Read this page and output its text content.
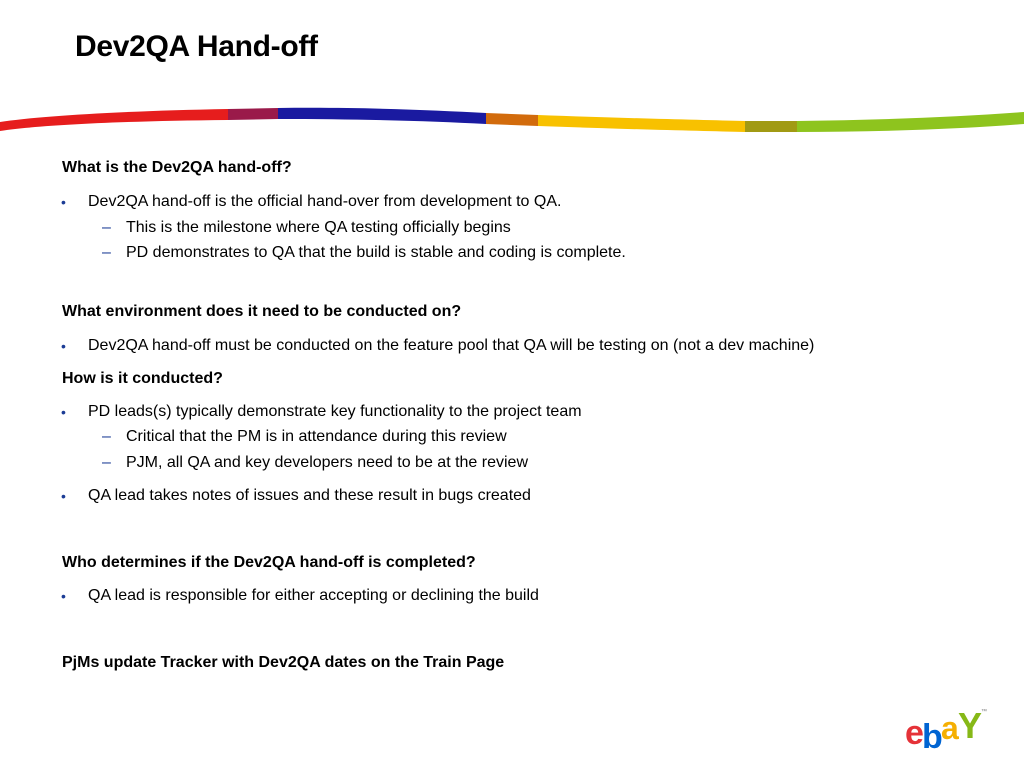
Dev2QA Hand-off
What is the Dev2QA hand-off?
•	Dev2QA hand-off is the official hand-over from development to QA.
– This is the milestone where QA testing officially begins
– PD demonstrates to QA that the build is stable and coding is complete.
What environment does it need to be conducted on?
•	Dev2QA hand-off must be conducted on the feature pool that QA will be testing on (not a dev machine)
How is it conducted?
•	PD leads(s) typically demonstrate key functionality to the project team
– Critical that the PM is in attendance during this review
– PJM, all QA and key developers need to be at the review
•	QA lead takes notes of issues and these result in bugs created
Who determines if the Dev2QA hand-off is completed?
•	QA lead is responsible for either accepting or declining the build
PjMs update Tracker with Dev2QA dates on the Train Page
e
b
a Y
™
